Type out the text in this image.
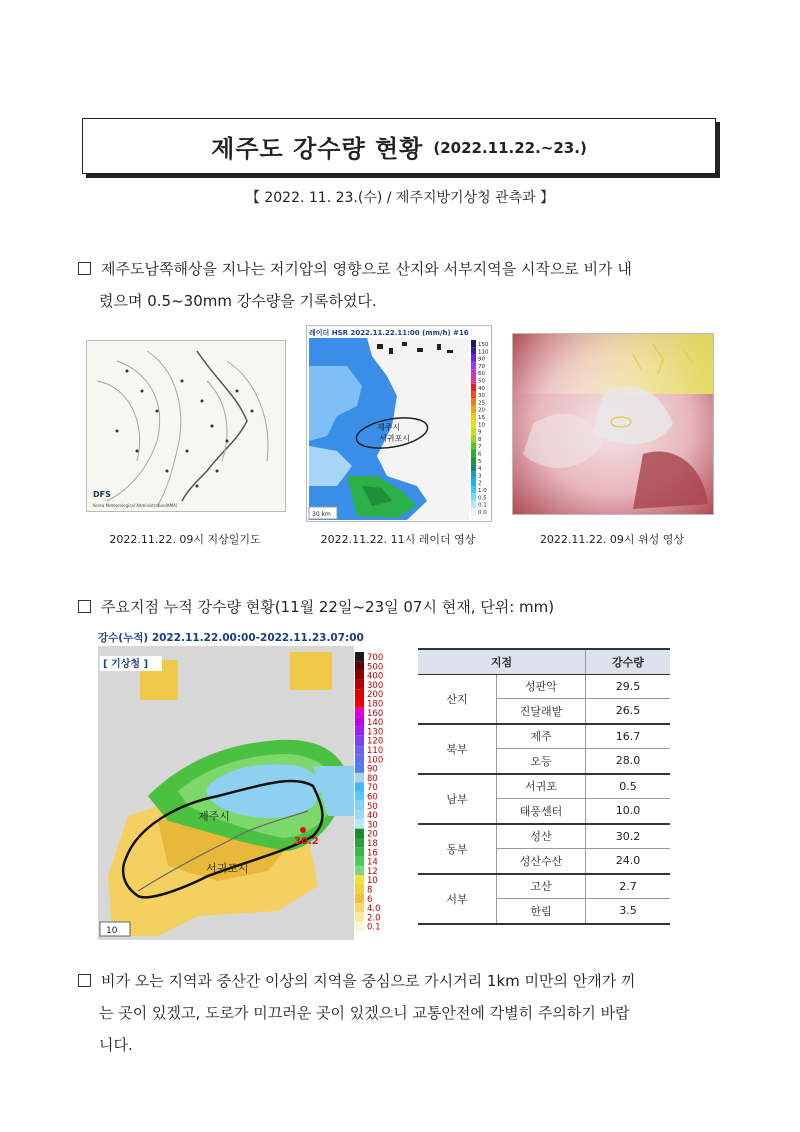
제주도 강수량 현황 (2022.11.22.~23.)
【 2022. 11. 23.(수) / 제주지방기상청 관측과 】
제주도남쪽해상을 지나는 저기압의 영향으로 산지와 서부지역을 시작으로 비가 내
렸으며 0.5~30mm 강수량을 기록하였다.
DFS
Korea Meteorological Administration(KMA)
2022.11.22. 09시 지상일기도
레이더 HSR 2022.11.22.11:00 (mm/h) #16
제주시
서귀포시
30 km
150
110
90
70
60
50
40
30
25
20
15
10
9
8
7
6
5
4
3
2
1.0
0.5
0.1
0.0
2022.11.22. 11시 레이더 영상	2022.11.22. 09시 위성 영상
주요지점 누적 강수량 현황(11월 22일~23일 07시 현재, 단위: mm)
강수(누적) 2022.11.22.00:00-2022.11.23.07:00
제주시
서귀포시
30.2
[ 기상청 ]
10
700
500
400
300
200
180
160
140
130
120
110
100
90
80
70
60
50
40
30
20
18
16
14
12
10
8
6
4.0
2.0
0.1
지점		강수량
산지	성판악	29.5
	진달래밭	26.5
북부	제주	16.7
	오등	28.0
남부	서귀포	0.5
	태풍센터	10.0
동부	성산	30.2
	성산수산	24.0
서부	고산	2.7
	한림	3.5
비가 오는 지역과 중산간 이상의 지역을 중심으로 가시거리 1km 미만의 안개가 끼
는 곳이 있겠고, 도로가 미끄러운 곳이 있겠으니 교통안전에 각별히 주의하기 바랍
니다.
